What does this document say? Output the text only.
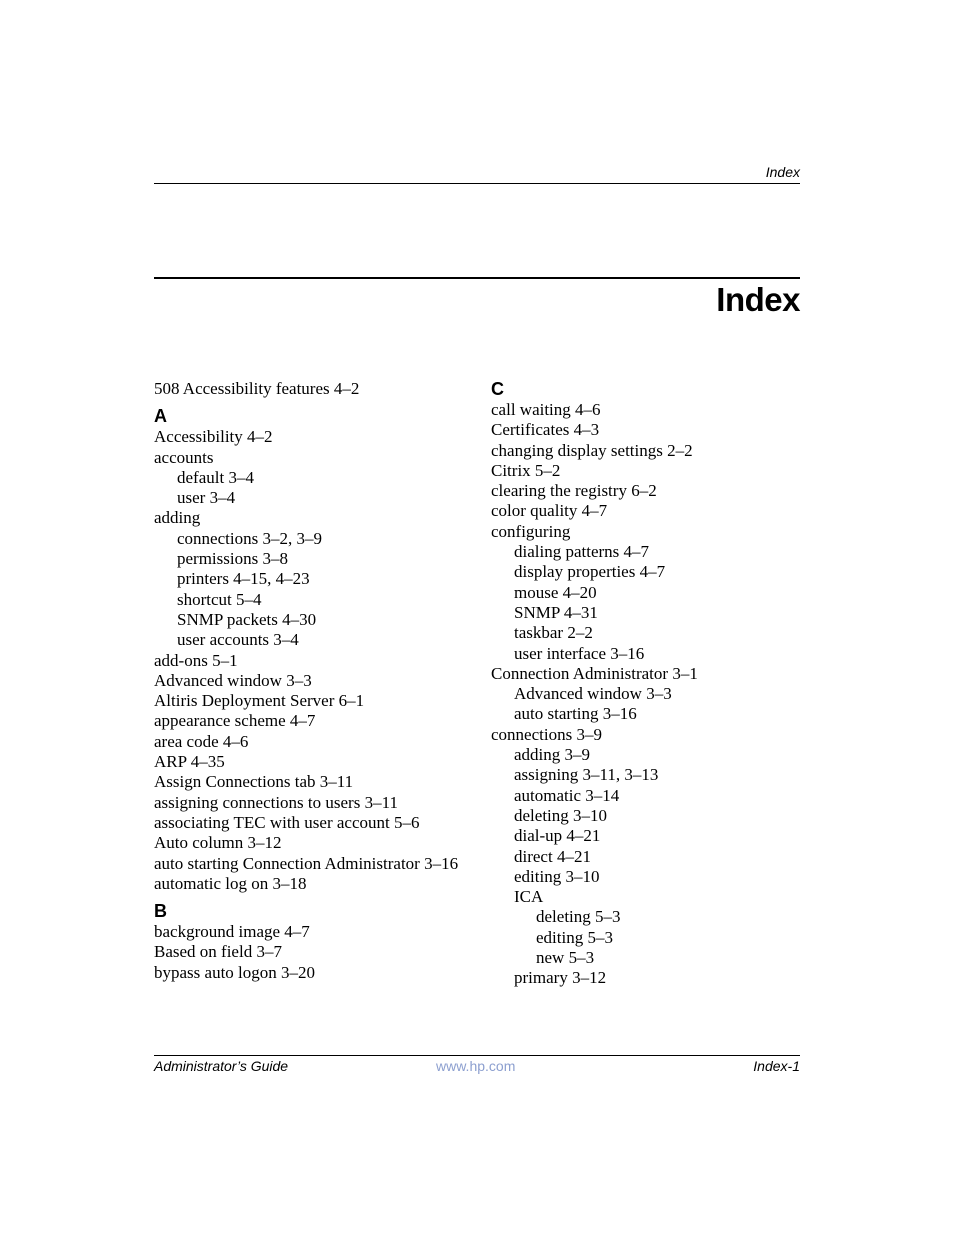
Index
Index
508 Accessibility features 4–2
A
Accessibility 4–2
accounts
default 3–4
user 3–4
adding
connections 3–2, 3–9
permissions 3–8
printers 4–15, 4–23
shortcut 5–4
SNMP packets 4–30
user accounts 3–4
add-ons 5–1
Advanced window 3–3
Altiris Deployment Server 6–1
appearance scheme 4–7
area code 4–6
ARP 4–35
Assign Connections tab 3–11
assigning connections to users 3–11
associating TEC with user account 5–6
Auto column 3–12
auto starting Connection Administrator 3–16
automatic log on 3–18
B
background image 4–7
Based on field 3–7
bypass auto logon 3–20
C
call waiting 4–6
Certificates 4–3
changing display settings 2–2
Citrix 5–2
clearing the registry 6–2
color quality 4–7
configuring
dialing patterns 4–7
display properties 4–7
mouse 4–20
SNMP 4–31
taskbar 2–2
user interface 3–16
Connection Administrator 3–1
Advanced window 3–3
auto starting 3–16
connections 3–9
adding 3–9
assigning 3–11, 3–13
automatic 3–14
deleting 3–10
dial-up 4–21
direct 4–21
editing 3–10
ICA
deleting 5–3
editing 5–3
new 5–3
primary 3–12
Administrator’s Guide	www.hp.com	Index-1
